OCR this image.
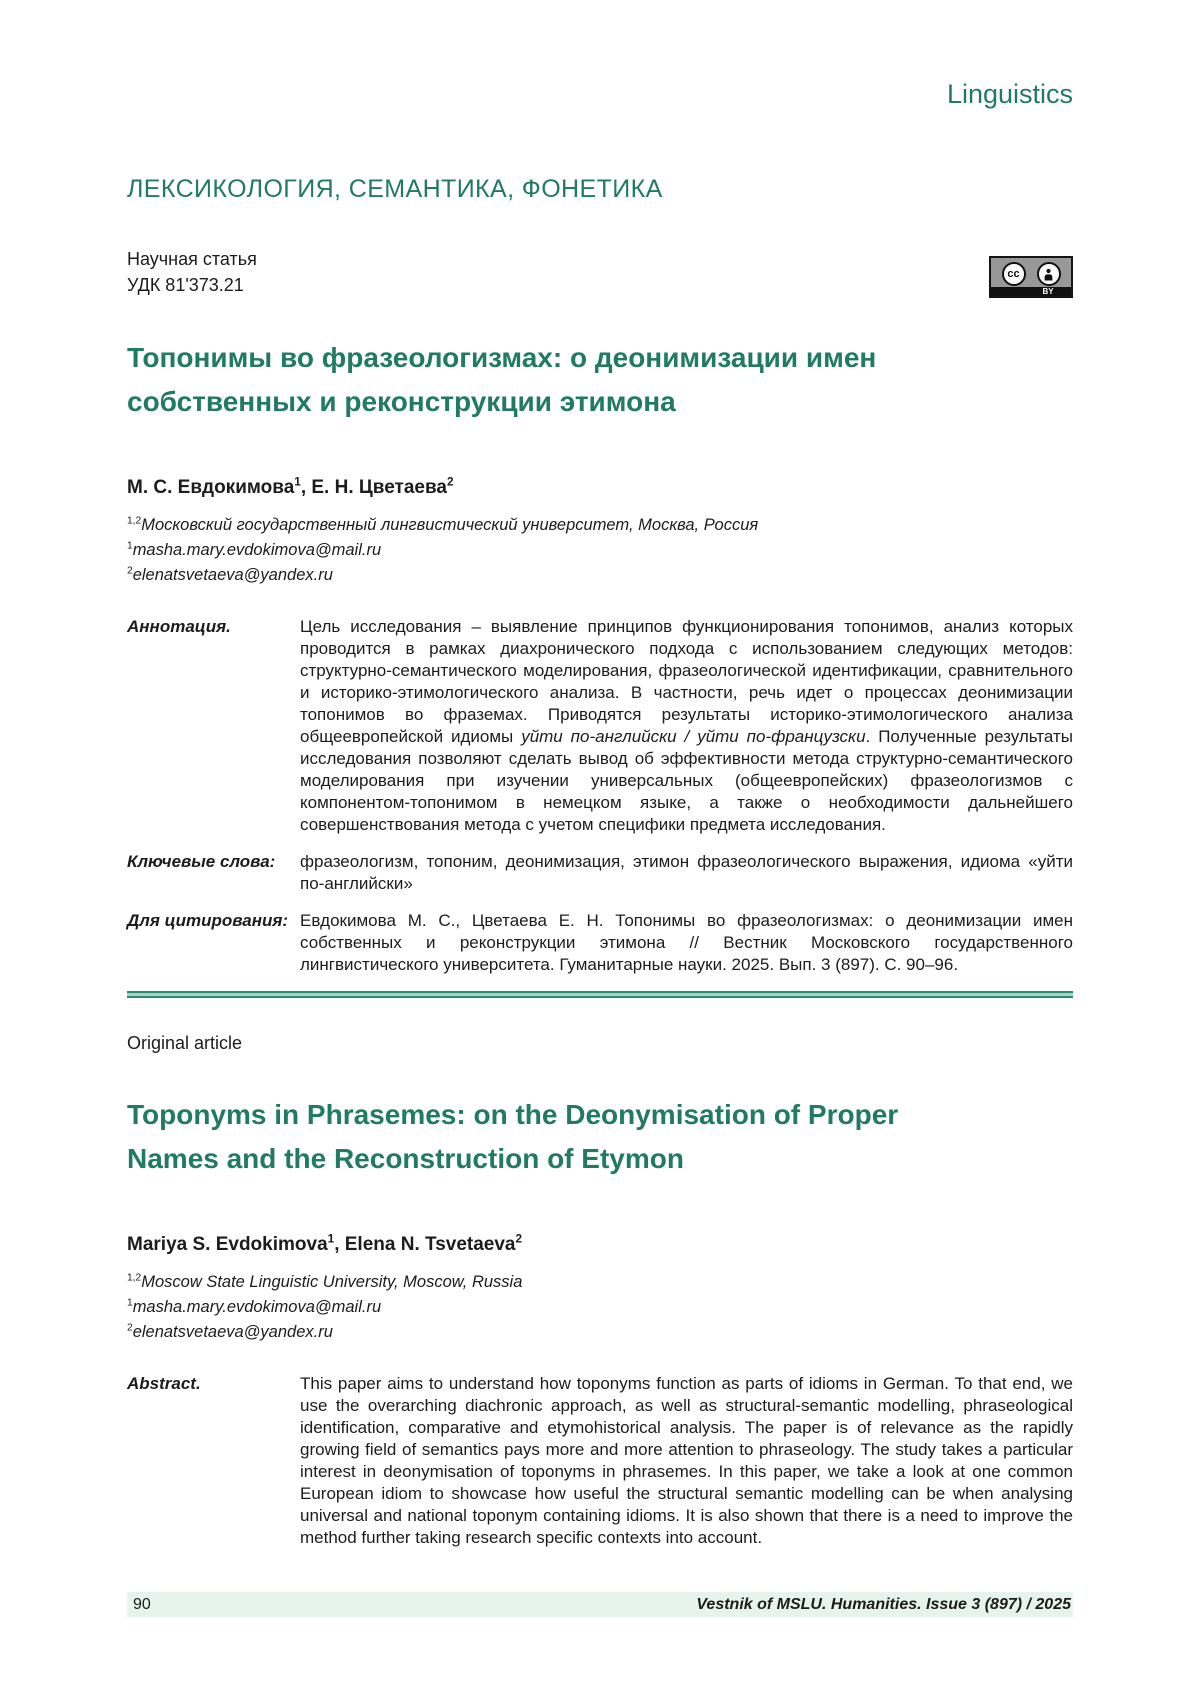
Linguistics
ЛЕКСИКОЛОГИЯ, СЕМАНТИКА, ФОНЕТИКА
Научная статья
УДК 81'373.21
cc
BY
Топонимы во фразеологизмах: о деонимизации имен
собственных и реконструкции этимона
М. С. Евдокимова$^1$, Е. Н. Цветаева$^2$
$^{1,2}$Московский государственный лингвистический университет, Москва, Россия
$^1$masha.mary.evdokimova@mail.ru
$^2$elenatsvetaeva@yandex.ru
Аннотация.	Цель исследования – выявление принципов функционирования топонимов, анализ которых проводится в рамках диахронического подхода с использованием следующих методов: структурно-семантического моделирования, фразеологической идентификации, сравнительного и историко-этимологического анализа. В частности, речь идет о процессах деонимизации топонимов во фраземах. Приводятся результаты историко-этимологического анализа общеевропейской идиомы уйти по-английски / уйти по-французски. Полученные результаты исследования позволяют сделать вывод об эффективности метода структурно-семантического моделирования при изучении универсальных (общеевропейских) фразеологизмов с компонентом-топонимом в немецком языке, а также о необходимости дальнейшего совершенствования метода с учетом специфики предмета исследования.
Ключевые слова:	фразеологизм, топоним, деонимизация, этимон фразеологического выражения, идиома «уйти по-английски»
Для цитирования: Евдокимова М. С., Цветаева Е. Н. Топонимы во фразеологизмах: о деонимизации имен собственных и реконструкции этимона // Вестник Московского государственного лингвистического университета. Гуманитарные науки. 2025. Вып. 3 (897). С. 90–96.
Original article
Toponyms in Phrasemes: on the Deonymisation of Proper
Names and the Reconstruction of Etymon
Mariya S. Evdokimova$^1$, Elena N. Tsvetaeva$^2$
$^{1,2}$Moscow State Linguistic University, Moscow, Russia
$^1$masha.mary.evdokimova@mail.ru
$^2$elenatsvetaeva@yandex.ru
Abstract.	This paper aims to understand how toponyms function as parts of idioms in German. To that end, we use the overarching diachronic approach, as well as structural-semantic modelling, phraseological identification, comparative and etymohistorical analysis. The paper is of relevance as the rapidly growing field of semantics pays more and more attention to phraseology. The study takes a particular interest in deonymisation of toponyms in phrasemes. In this paper, we take a look at one common European idiom to showcase how useful the structural semantic modelling can be when analysing universal and national toponym containing idioms. It is also shown that there is a need to improve the method further taking research specific contexts into account.
90	Vestnik of MSLU. Humanities. Issue 3 (897) / 2025
